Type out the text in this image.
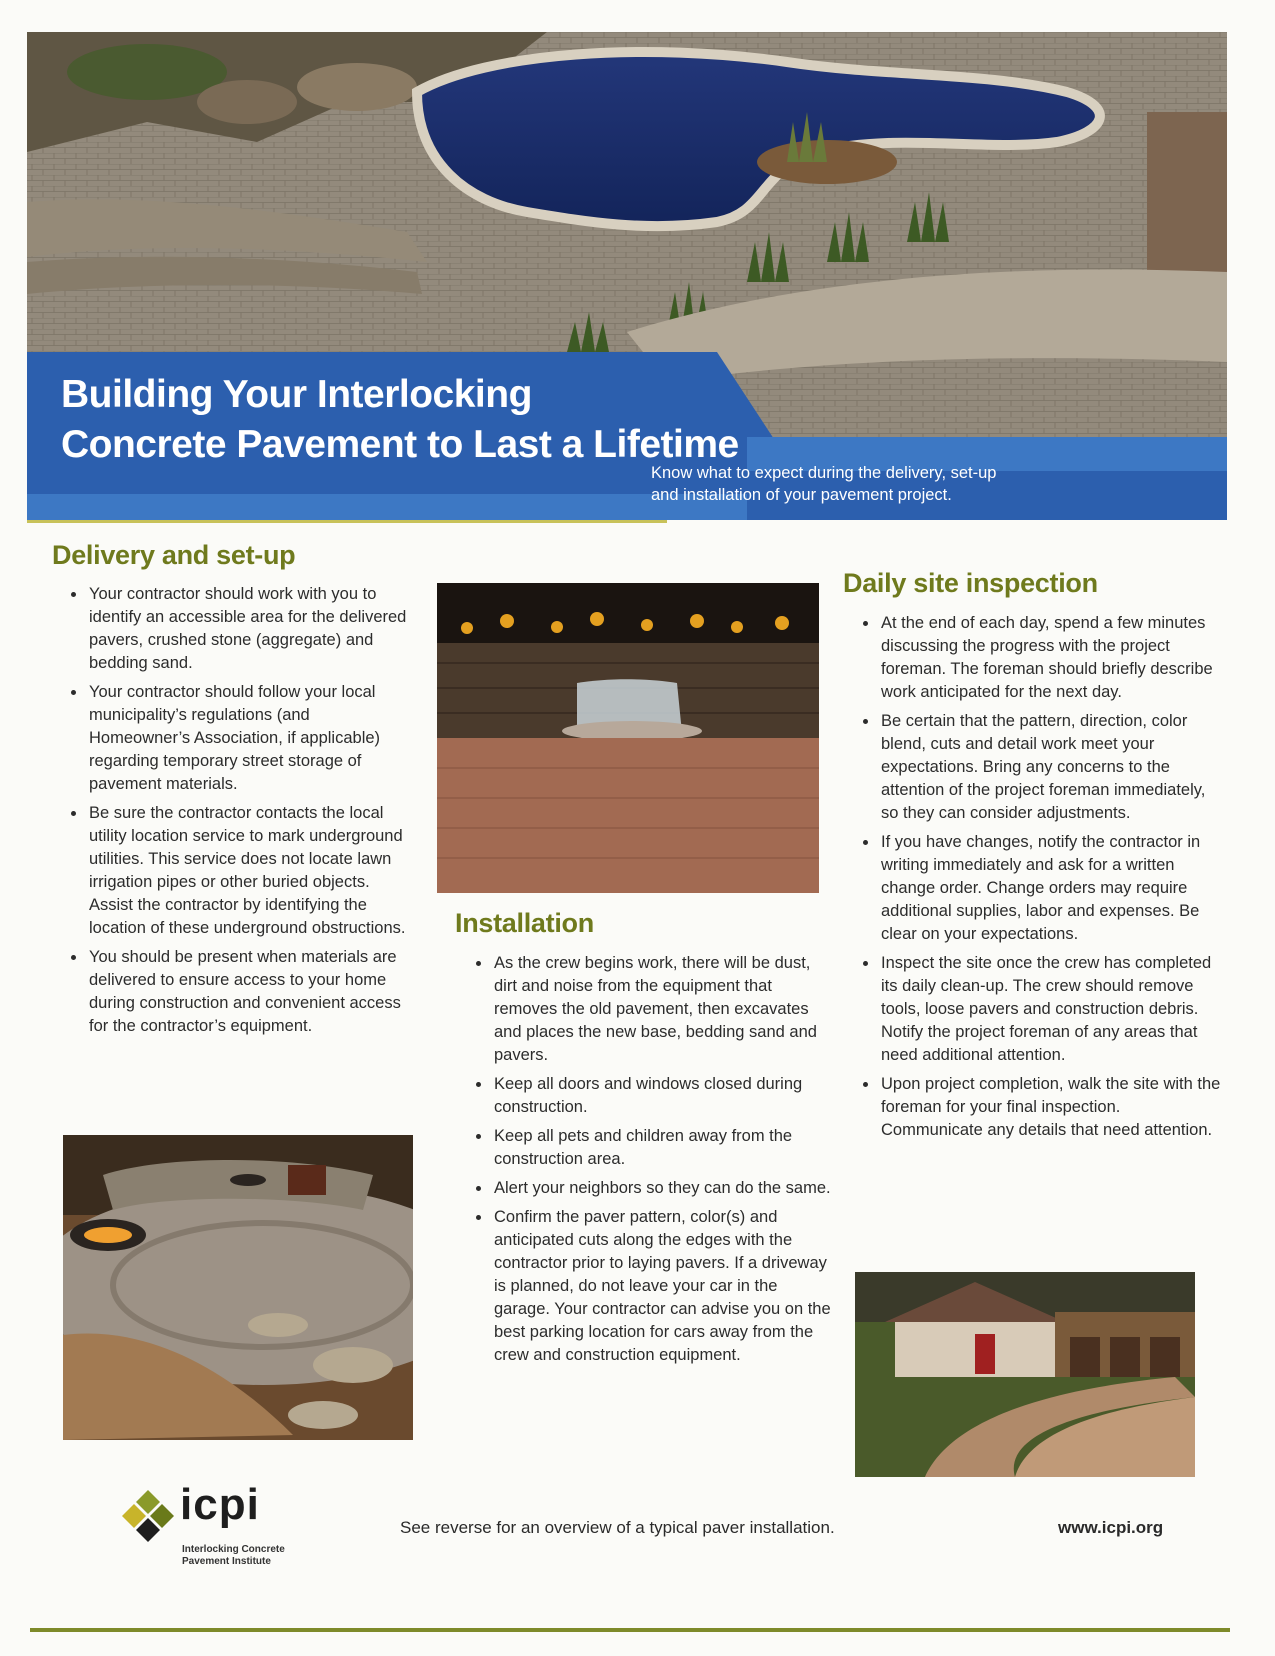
Building Your Interlocking
Concrete Pavement to Last a Lifetime

Know what to expect during the delivery, set-up
and installation of your pavement project.

Delivery and set-up
• Your contractor should work with you to identify an accessible area for the delivered pavers, crushed stone (aggregate) and bedding sand.
• Your contractor should follow your local municipality’s regulations (and Homeowner’s Association, if applicable) regarding temporary street storage of pavement materials.
• Be sure the contractor contacts the local utility location service to mark underground utilities. This service does not locate lawn irrigation pipes or other buried objects. Assist the contractor by identifying the location of these underground obstructions.
• You should be present when materials are delivered to ensure access to your home during construction and convenient access for the contractor’s equipment.
Installation
• As the crew begins work, there will be dust, dirt and noise from the equipment that removes the old pavement, then excavates and places the new base, bedding sand and pavers.
• Keep all doors and windows closed during construction.
• Keep all pets and children away from the construction area.
• Alert your neighbors so they can do the same.
• Confirm the paver pattern, color(s) and anticipated cuts along the edges with the contractor prior to laying pavers. If a driveway is planned, do not leave your car in the garage. Your contractor can advise you on the best parking location for cars away from the crew and construction equipment.
Daily site inspection
• At the end of each day, spend a few minutes discussing the progress with the project foreman. The foreman should briefly describe work anticipated for the next day.
• Be certain that the pattern, direction, color blend, cuts and detail work meet your expectations. Bring any concerns to the attention of the project foreman immediately, so they can consider adjustments.
• If you have changes, notify the contractor in writing immediately and ask for a written change order. Change orders may require additional supplies, labor and expenses. Be clear on your expectations.
• Inspect the site once the crew has completed its daily clean-up. The crew should remove tools, loose pavers and construction debris. Notify the project foreman of any areas that need additional attention.
• Upon project completion, walk the site with the foreman for your final inspection. Communicate any details that need attention.

icpi

Interlocking Concrete
Pavement Institute

See reverse for an overview of a typical paver installation.	www.icpi.org
